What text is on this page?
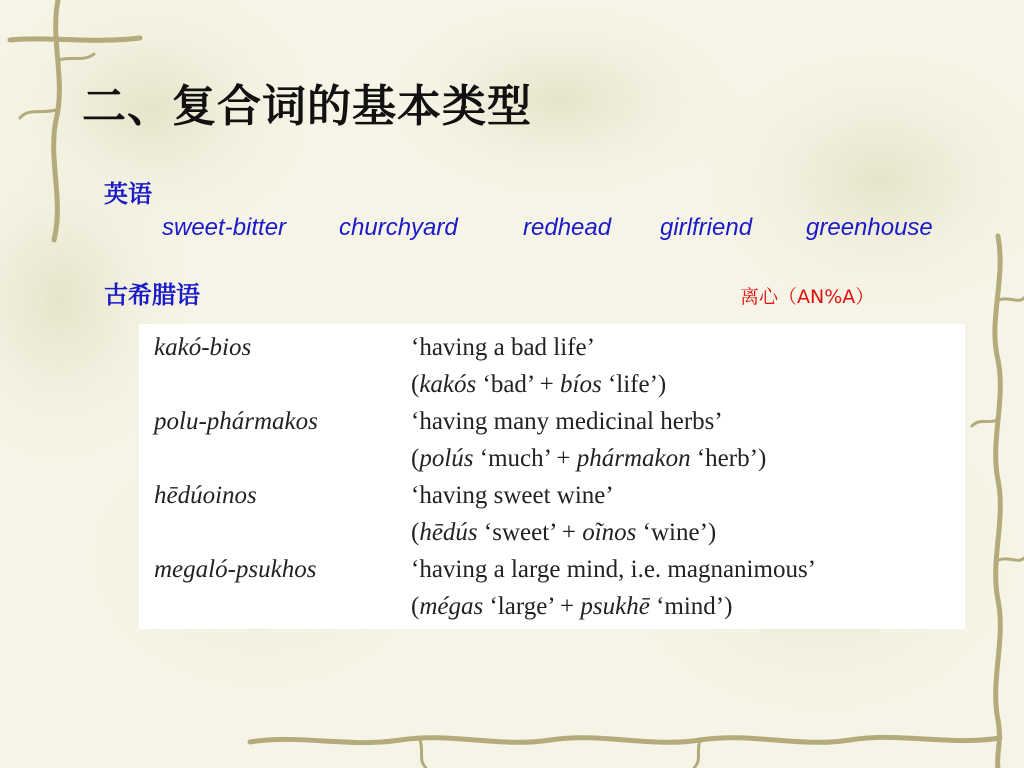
二、复合词的基本类型
英语
sweet-bitter churchyard	redhead girlfriend greenhouse
古希腊语	离心（AN%A）
kakó-bios	‘having a bad life’
(kakós ‘bad’ + bíos ‘life’)
polu-phármakos	‘having many medicinal herbs’
(polús ‘much’ + phármakon ‘herb’)
hēdúoinos	‘having sweet wine’
(hēdús ‘sweet’ + oĩnos ‘wine’)
megaló-psukhos	‘having a large mind, i.e. magnanimous’
(mégas ‘large’ + psukhē ‘mind’)
